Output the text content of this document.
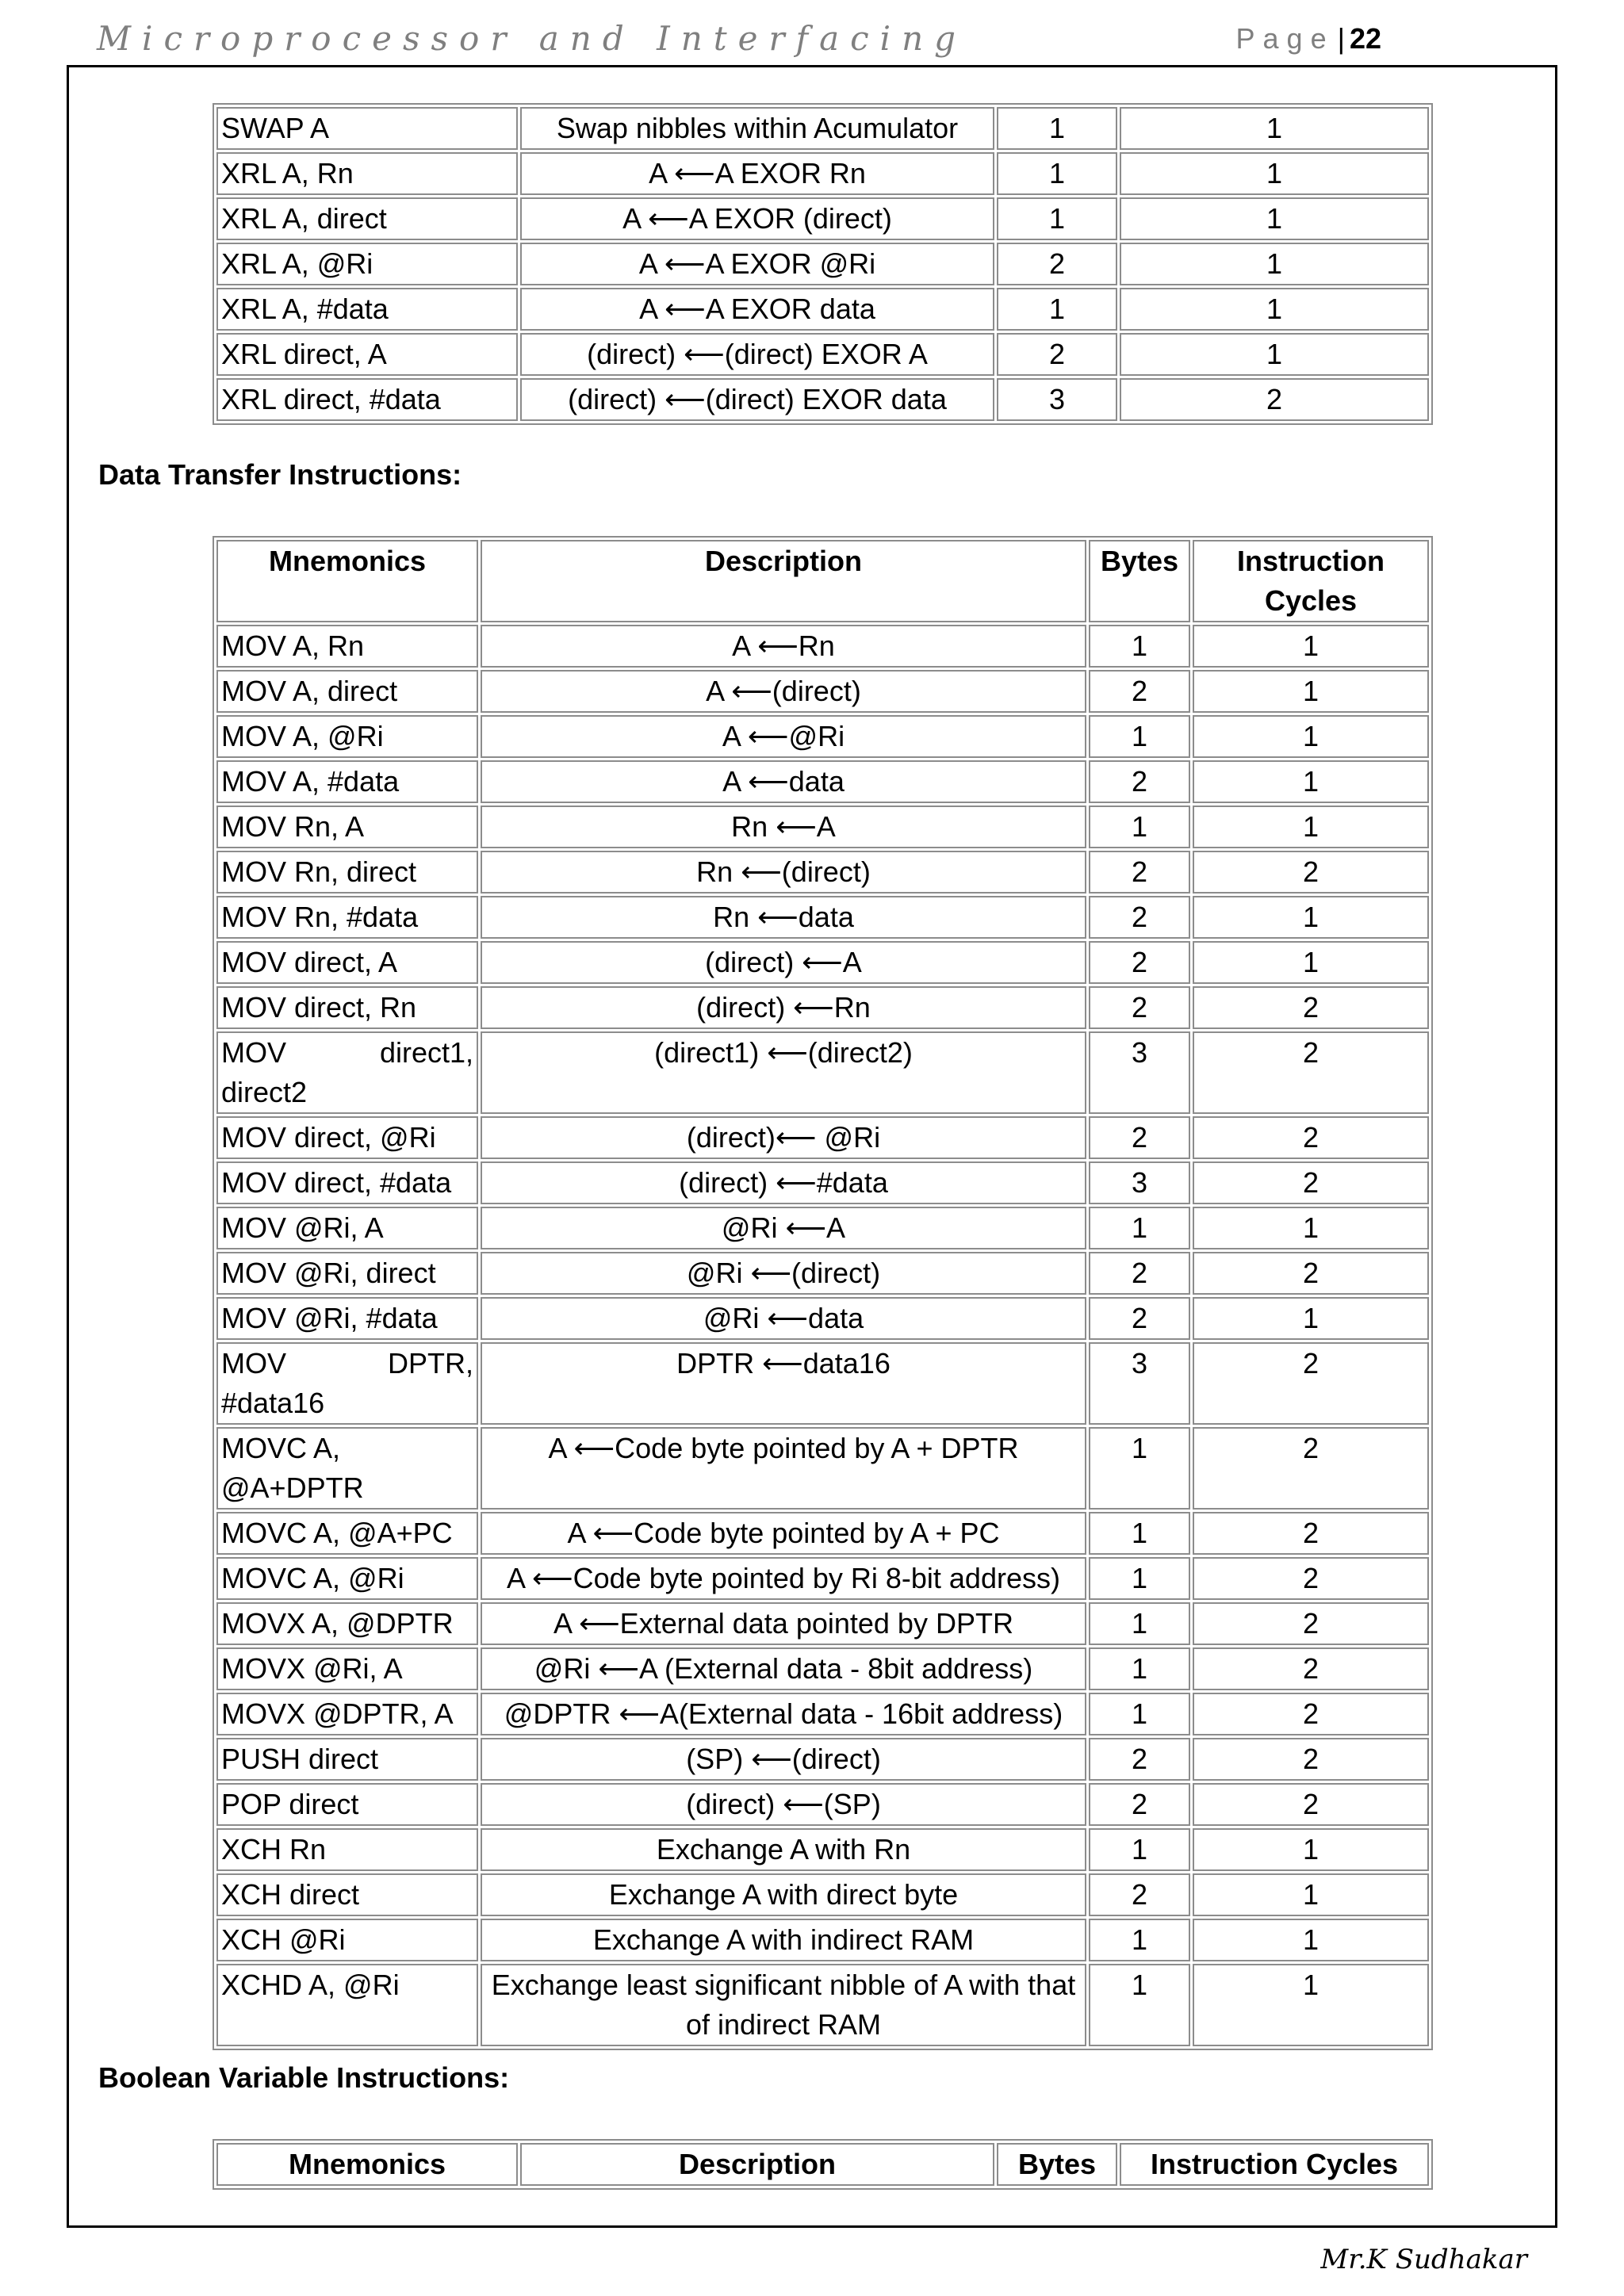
Microprocessor and Interfacing	Page | 22
SWAP A	Swap nibbles within Acumulator	1	1
XRL A, Rn	A ⟵A EXOR Rn	1	1
XRL A, direct	A ⟵A EXOR (direct)	1	1
XRL A, @Ri	A ⟵A EXOR @Ri	2	1
XRL A, #data	A ⟵A EXOR data	1	1
XRL direct, A	(direct) ⟵(direct) EXOR A	2	1
XRL direct, #data	(direct) ⟵(direct) EXOR data	3	2
Data Transfer Instructions:
Mnemonics	Description	Bytes	Instruction Cycles
MOV A, Rn	A ⟵Rn	1	1
MOV A, direct	A ⟵(direct)	2	1
MOV A, @Ri	A ⟵@Ri	1	1
MOV A, #data	A ⟵data	2	1
MOV Rn, A	Rn ⟵A	1	1
MOV Rn, direct	Rn ⟵(direct)	2	2
MOV Rn, #data	Rn ⟵data	2	1
MOV direct, A	(direct) ⟵A	2	1
MOV direct, Rn	(direct) ⟵Rn	2	2
MOV direct1, direct2	(direct1) ⟵(direct2)	3	2
MOV direct, @Ri	(direct)⟵ @Ri	2	2
MOV direct, #data	(direct) ⟵#data	3	2
MOV @Ri, A	@Ri ⟵A	1	1
MOV @Ri, direct	@Ri ⟵(direct)	2	2
MOV @Ri, #data	@Ri ⟵data	2	1
MOV DPTR, #data16	DPTR ⟵data16	3	2
MOVC A, @A+DPTR	A ⟵Code byte pointed by A + DPTR	1	2
MOVC A, @A+PC	A ⟵Code byte pointed by A + PC	1	2
MOVC A, @Ri	A ⟵Code byte pointed by Ri 8-bit address)	1	2
MOVX A, @DPTR	A ⟵External data pointed by DPTR	1	2
MOVX @Ri, A	@Ri ⟵A (External data - 8bit address)	1	2
MOVX @DPTR, A	@DPTR ⟵A(External data - 16bit address)	1	2
PUSH direct	(SP) ⟵(direct)	2	2
POP direct	(direct) ⟵(SP)	2	2
XCH Rn	Exchange A with Rn	1	1
XCH direct	Exchange A with direct byte	2	1
XCH @Ri	Exchange A with indirect RAM	1	1
XCHD A, @Ri	Exchange least significant nibble of A with that of indirect RAM	1	1
Boolean Variable Instructions:
Mnemonics	Description	Bytes	Instruction Cycles
Mr.K Sudhakar
